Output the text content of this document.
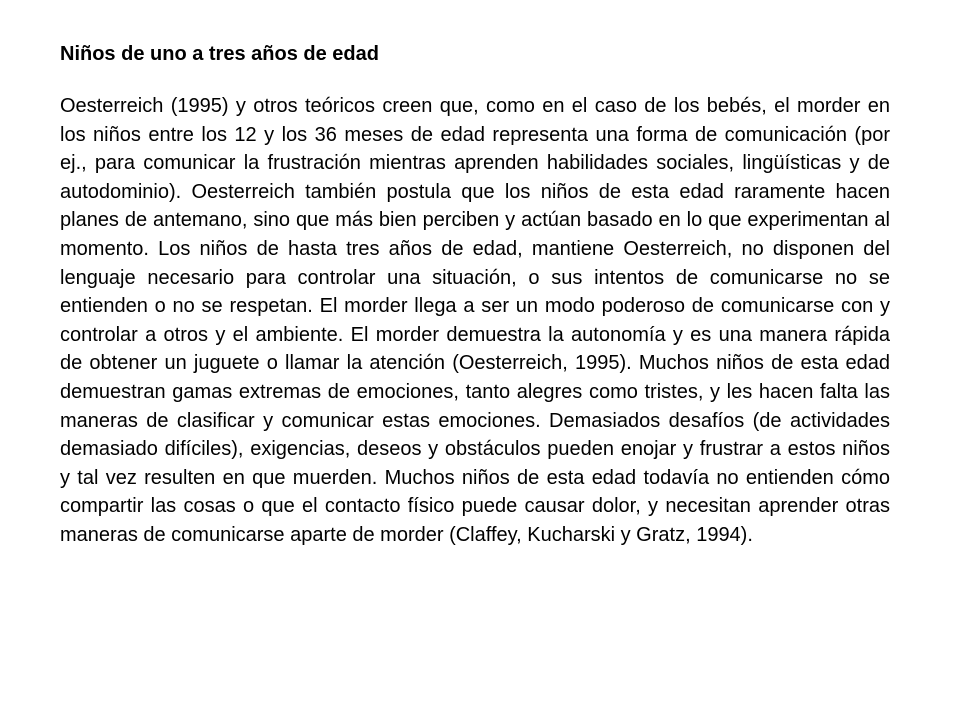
Niños de uno a tres años de edad

Oesterreich (1995) y otros teóricos creen que, como en el caso de los bebés, el morder en los niños entre los 12 y los 36 meses de edad representa una forma de comunicación (por ej., para comunicar la frustración mientras aprenden habilidades sociales, lingüísticas y de autodominio). Oesterreich también postula que los niños de esta edad raramente hacen planes de antemano, sino que más bien perciben y actúan basado en lo que experimentan al momento. Los niños de hasta tres años de edad, mantiene Oesterreich, no disponen del lenguaje necesario para controlar una situación, o sus intentos de comunicarse no se entienden o no se respetan. El morder llega a ser un modo poderoso de comunicarse con y controlar a otros y el ambiente. El morder demuestra la autonomía y es una manera rápida de obtener un juguete o llamar la atención (Oesterreich, 1995). Muchos niños de esta edad demuestran gamas extremas de emociones, tanto alegres como tristes, y les hacen falta las maneras de clasificar y comunicar estas emociones. Demasiados desafíos (de actividades demasiado difíciles), exigencias, deseos y obstáculos pueden enojar y frustrar a estos niños y tal vez resulten en que muerden. Muchos niños de esta edad todavía no entienden cómo compartir las cosas o que el contacto físico puede causar dolor, y necesitan aprender otras maneras de comunicarse aparte de morder (Claffey, Kucharski y Gratz, 1994).
